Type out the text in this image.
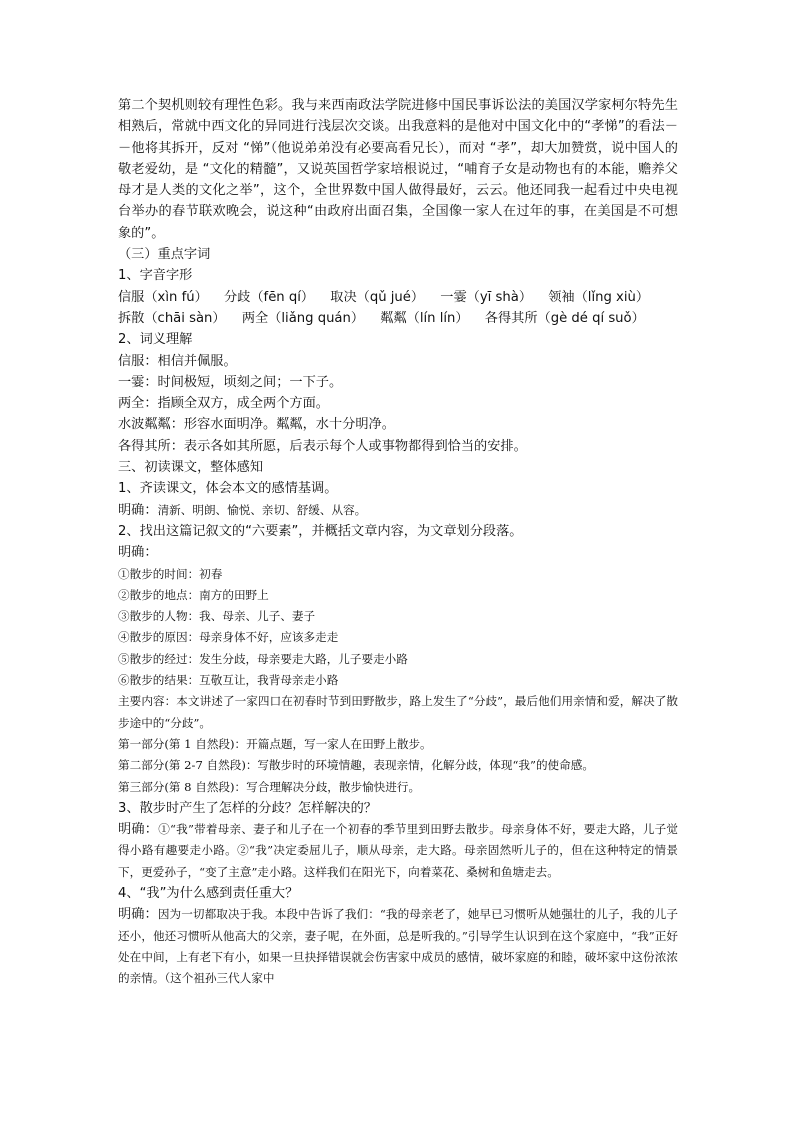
第二个契机则较有理性色彩。我与来西南政法学院进修中国民事诉讼法的美国汉学家柯尔特先生相熟后，常就中西文化的异同进行浅层次交谈。出我意料的是他对中国文化中的“孝悌”的看法－－他将其拆开，反对 “悌”（他说弟弟没有必要高看兄长），而对 “孝”，却大加赞赏，说中国人的敬老爱幼，是 “文化的精髓”，又说英国哲学家培根说过，“哺育子女是动物也有的本能，赡养父母才是人类的文化之举”，这个，全世界数中国人做得最好，云云。他还同我一起看过中央电视台举办的春节联欢晚会，说这种“由政府出面召集，全国像一家人在过年的事，在美国是不可想象的”。
（三）重点字词
1、字音字形
信服（xìn fú） 分歧（fēn qí） 取决（qǔ jué） 一霎（yī shà） 领袖（lǐng xiù）
拆散（chāi sàn） 两全（liǎng quán） 粼粼（lín lín） 各得其所（gè dé qí suǒ）
2、词义理解
信服：相信并佩服。
一霎：时间极短，顷刻之间；一下子。
两全：指顾全双方，成全两个方面。
水波粼粼：形容水面明净。粼粼，水十分明净。
各得其所：表示各如其所愿，后表示每个人或事物都得到恰当的安排。
三、初读课文，整体感知
1、齐读课文，体会本文的感情基调。
明确：清新、明朗、愉悦、亲切、舒缓、从容。
2、找出这篇记叙文的“六要素”，并概括文章内容，为文章划分段落。
明确：
①散步的时间：初春
②散步的地点：南方的田野上
③散步的人物：我、母亲、儿子、妻子
④散步的原因：母亲身体不好，应该多走走
⑤散步的经过：发生分歧，母亲要走大路，儿子要走小路
⑥散步的结果：互敬互让，我背母亲走小路
主要内容：本文讲述了一家四口在初春时节到田野散步，路上发生了“分歧”，最后他们用亲情和爱，解决了散步途中的“分歧”。
第一部分(第 1 自然段)：开篇点题，写一家人在田野上散步。
第二部分(第 2-7 自然段)：写散步时的环境情趣，表现亲情，化解分歧，体现“我”的使命感。
第三部分(第 8 自然段)：写合理解决分歧，散步愉快进行。
3、散步时产生了怎样的分歧？怎样解决的？
明确：①“我”带着母亲、妻子和儿子在一个初春的季节里到田野去散步。母亲身体不好，要走大路，儿子觉得小路有趣要走小路。②“我”决定委屈儿子，顺从母亲，走大路。母亲固然听儿子的，但在这种特定的情景下，更爱孙子，“变了主意”走小路。这样我们在阳光下，向着菜花、桑树和鱼塘走去。
4、“我”为什么感到责任重大？
明确：因为一切都取决于我。本段中告诉了我们：“我的母亲老了，她早已习惯听从她强壮的儿子，我的儿子还小，他还习惯听从他高大的父亲，妻子呢，在外面，总是听我的。”引导学生认识到在这个家庭中，“我”正好处在中间，上有老下有小，如果一旦抉择错误就会伤害家中成员的感情，破坏家庭的和睦，破坏家中这份浓浓的亲情。（这个祖孙三代人家中
